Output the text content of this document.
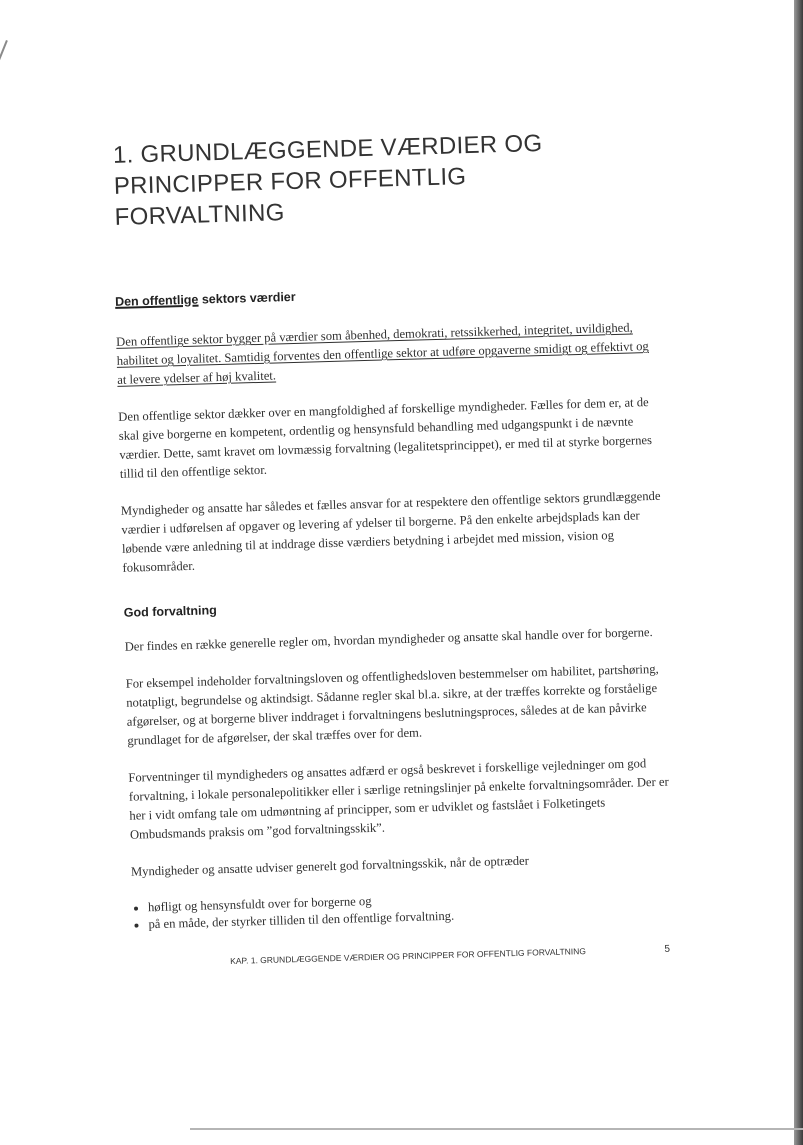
1. GRUNDLÆGGENDE VÆRDIER OG PRINCIPPER FOR OFFENTLIG FORVALTNING
Den offentlige sektors værdier

Den offentlige sektor bygger på værdier som åbenhed, demokrati, retssikkerhed, integritet, uvildighed, habilitet og loyalitet. Samtidig forventes den offentlige sektor at udføre opgaverne smidigt og effektivt og at levere ydelser af høj kvalitet.

Den offentlige sektor dækker over en mangfoldighed af forskellige myndigheder. Fælles for dem er, at de skal give borgerne en kompetent, ordentlig og hensynsfuld behandling med udgangspunkt i de nævnte værdier. Dette, samt kravet om lovmæssig forvaltning (legalitetsprincippet), er med til at styrke borgernes tillid til den offentlige sektor.

Myndigheder og ansatte har således et fælles ansvar for at respektere den offentlige sektors grundlæggende værdier i udførelsen af opgaver og levering af ydelser til borgerne. På den enkelte arbejdsplads kan der løbende være anledning til at inddrage disse værdiers betydning i arbejdet med mission, vision og fokusområder.

God forvaltning

Der findes en række generelle regler om, hvordan myndigheder og ansatte skal handle over for borgerne.

For eksempel indeholder forvaltningsloven og offentlighedsloven bestemmelser om habilitet, partshøring, notatpligt, begrundelse og aktindsigt. Sådanne regler skal bl.a. sikre, at der træffes korrekte og forståelige afgørelser, og at borgerne bliver inddraget i forvaltningens beslutningsproces, således at de kan påvirke grundlaget for de afgørelser, der skal træffes over for dem.

Forventninger til myndigheders og ansattes adfærd er også beskrevet i forskellige vejledninger om god forvaltning, i lokale personalepolitikker eller i særlige retningslinjer på enkelte forvaltningsområder. Der er her i vidt omfang tale om udmøntning af principper, som er udviklet og fastslået i Folketingets Ombudsmands praksis om ”god forvaltningsskik”.

Myndigheder og ansatte udviser generelt god forvaltningsskik, når de optræder

• høfligt og hensynsfuldt over for borgerne og
• på en måde, der styrker tilliden til den offentlige forvaltning.
KAP. 1. GRUNDLÆGGENDE VÆRDIER OG PRINCIPPER FOR OFFENTLIG FORVALTNING	5
